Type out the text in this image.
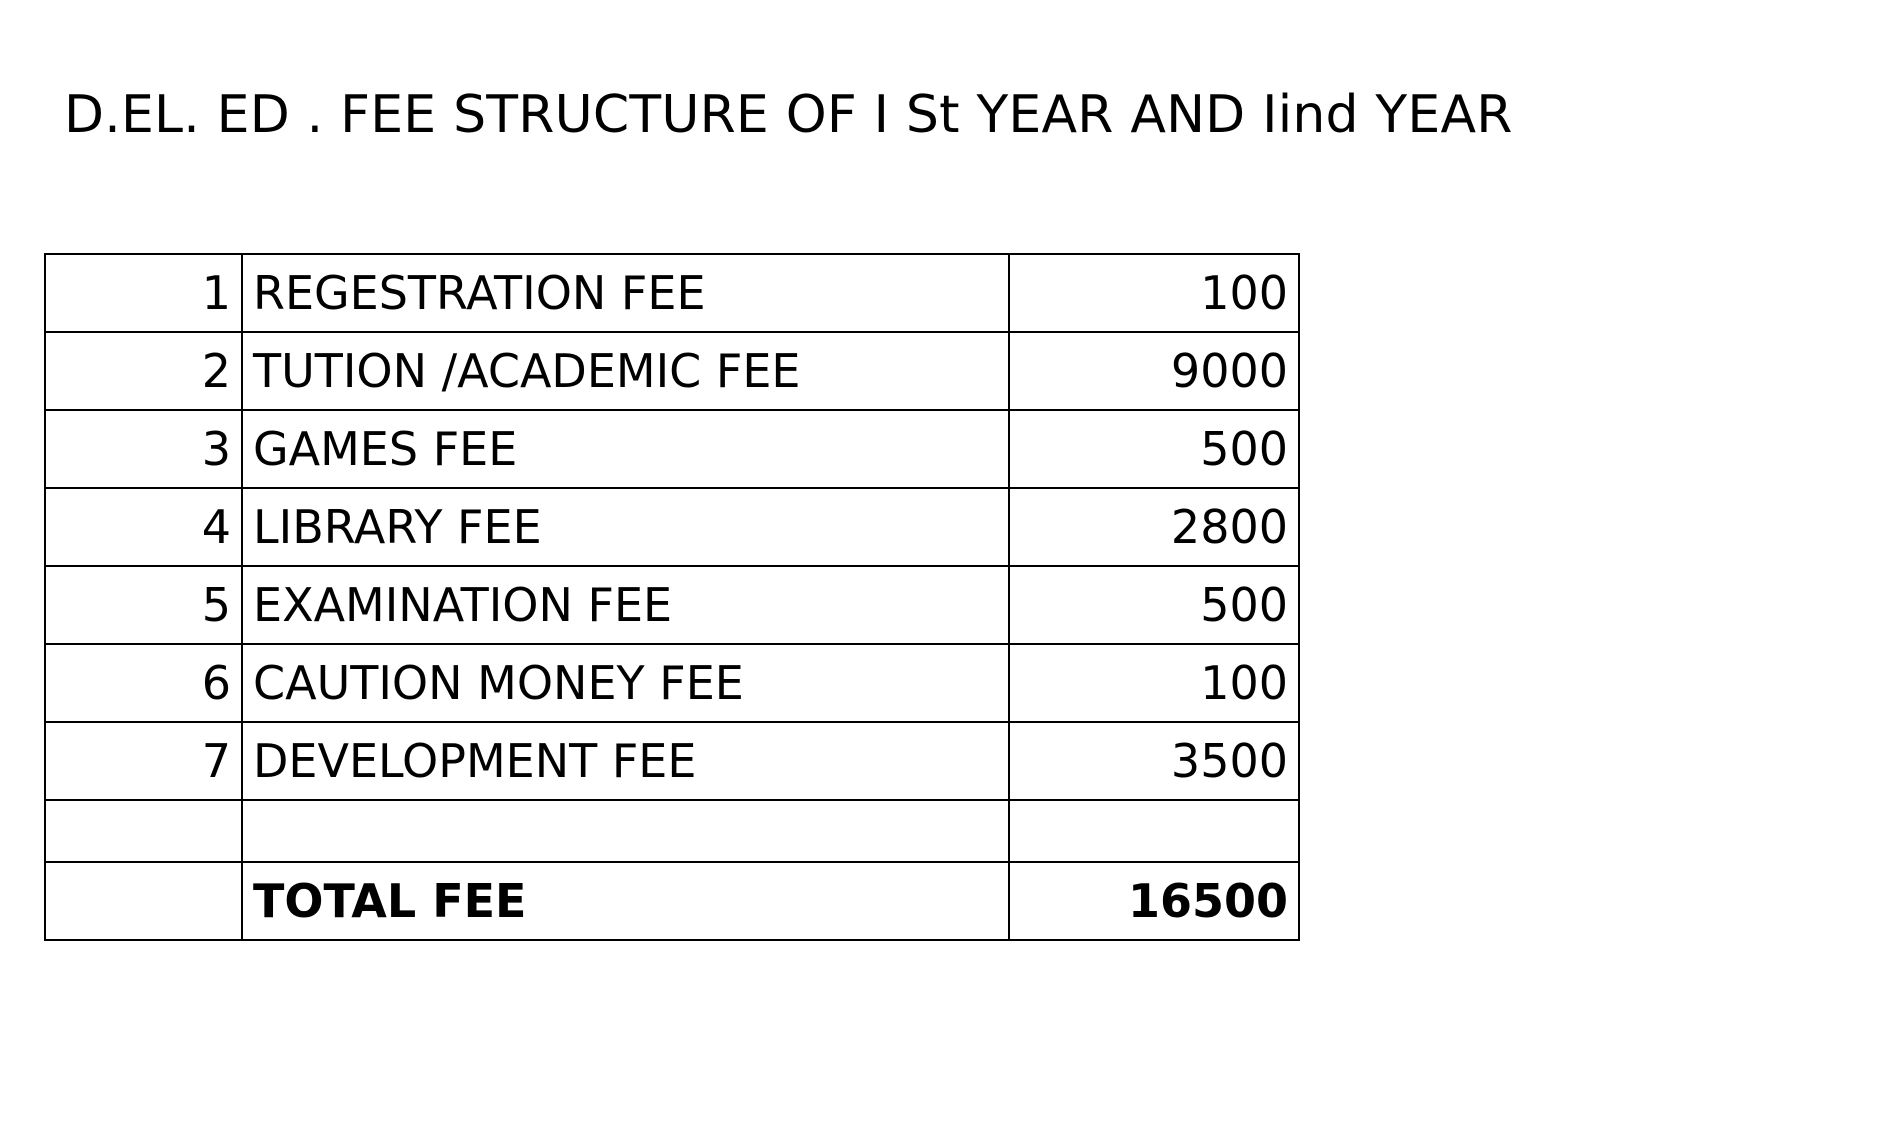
D.EL. ED . FEE STRUCTURE OF I St YEAR AND Iind YEAR
1	REGESTRATION FEE	100
2	TUTION /ACADEMIC FEE	9000
3	GAMES FEE	500
4	LIBRARY FEE	2800
5	EXAMINATION FEE	500
6	CAUTION MONEY FEE	100
7	DEVELOPMENT FEE	3500

	TOTAL FEE	16500
